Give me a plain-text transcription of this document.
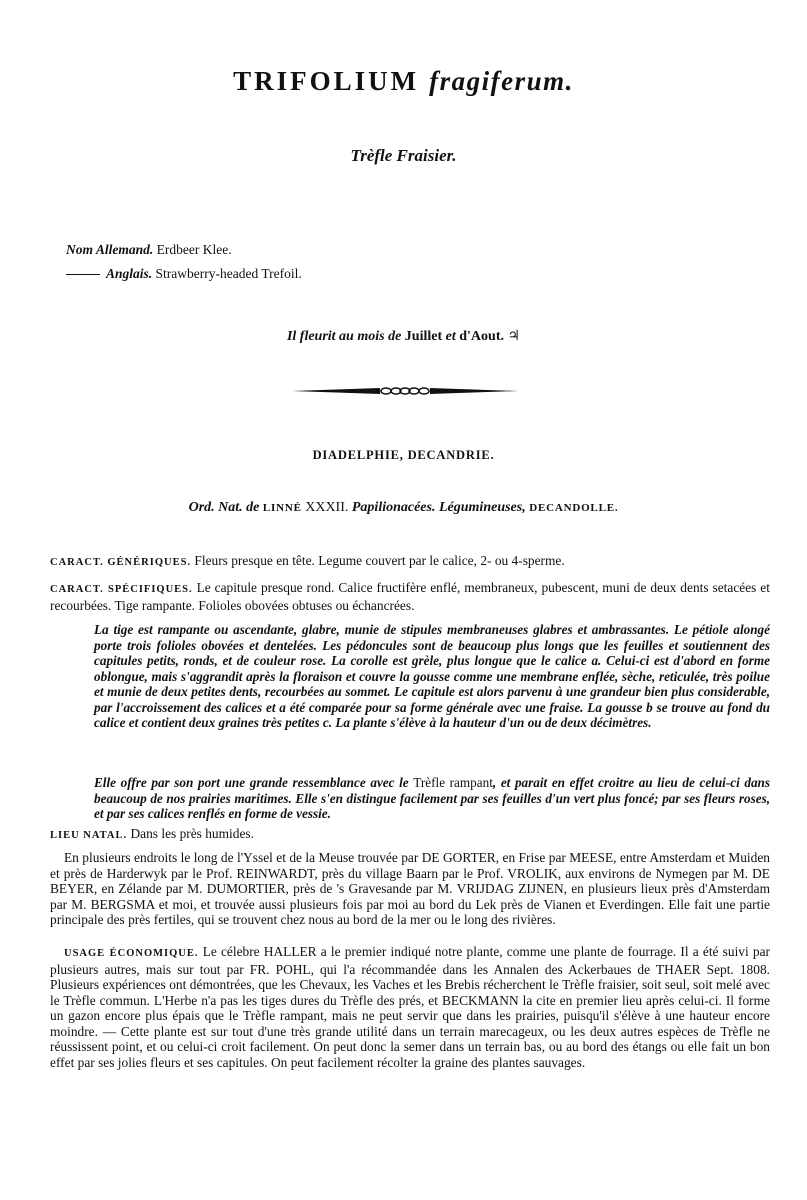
TRIFOLIUM fragiferum.
Trèfle Fraisier.
Nom Allemand. Erdbeer Klee.
Anglais. Strawberry-headed Trefoil.
Il fleurit au mois de Juillet et d'Aout. ♃
DIADELPHIE, DECANDRIE.
Ord. Nat. de LINNÉ XXXII. Papilionacées. Légumineuses, DECANDOLLE.
CARACT. GÉNÉRIQUES. Fleurs presque en tête. Legume couvert par le calice, 2- ou 4-sperme.
CARACT. SPÉCIFIQUES. Le capitule presque rond. Calice fructifère enflé, membraneux, pubescent, muni de deux dents setacées et recourbées. Tige rampante. Folioles obovées obtuses ou échancrées.
La tige est rampante ou ascendante, glabre, munie de stipules membraneuses glabres et ambrassantes. Le pétiole alongé porte trois folioles obovées et dentelées. Les pédoncules sont de beaucoup plus longs que les feuilles et soutiennent des capitules petits, ronds, et de couleur rose. La corolle est grèle, plus longue que le calice a. Celui-ci est d'abord en forme oblongue, mais s'aggrandit après la floraison et couvre la gousse comme une membrane enflée, sèche, reticulée, très poilue et munie de deux petites dents, recourbées au sommet. Le capitule est alors parvenu à une grandeur bien plus considerable, par l'accroissement des calices et a été comparée pour sa forme générale avec une fraise. La gousse b se trouve au fond du calice et contient deux graines très petites c. La plante s'élève à la hauteur d'un ou de deux décimètres.
Elle offre par son port une grande ressemblance avec le Trèfle rampant, et parait en effet croitre au lieu de celui-ci dans beaucoup de nos prairies maritimes. Elle s'en distingue facilement par ses feuilles d'un vert plus foncé; par ses fleurs roses, et par ses calices renflés en forme de vessie.
LIEU NATAL. Dans les près humides.
En plusieurs endroits le long de l'Yssel et de la Meuse trouvée par DE GORTER, en Frise par MEESE, entre Amsterdam et Muiden et près de Harderwyk par le Prof. REINWARDT, près du village Baarn par le Prof. VROLIK, aux environs de Nymegen par M. DE BEYER, en Zélande par M. DUMORTIER, près de 's Gravesande par M. VRIJDAG ZIJNEN, en plusieurs lieux près d'Amsterdam par M. BERGSMA et moi, et trouvée aussi plusieurs fois par moi au bord du Lek près de Vianen et Everdingen. Elle fait une partie principale des près fertiles, qui se trouvent chez nous au bord de la mer ou le long des rivières.
USAGE ÉCONOMIQUE. Le célebre HALLER a le premier indiqué notre plante, comme une plante de fourrage. Il a été suivi par plusieurs autres, mais sur tout par FR. POHL, qui l'a récommandée dans les Annalen des Ackerbaues de THAER Sept. 1808. Plusieurs expériences ont démontrées, que les Chevaux, les Vaches et les Brebis récherchent le Trèfle fraisier, soit seul, soit melé avec le Trèfle commun. L'Herbe n'a pas les tiges dures du Trèfle des prés, et BECKMANN la cite en premier lieu après celui-ci. Il forme un gazon encore plus épais que le Trèfle rampant, mais ne peut servir que dans les prairies, puisqu'il s'élève à une hauteur encore moindre. — Cette plante est sur tout d'une très grande utilité dans un terrain marecageux, ou les deux autres espèces de Trèfle ne réussissent point, et ou celui-ci croit facilement. On peut donc la semer dans un terrain bas, ou au bord des étangs ou elle fait un bon effet par ses jolies fleurs et ses capitules. On peut facilement récolter la graine des plantes sauvages.
